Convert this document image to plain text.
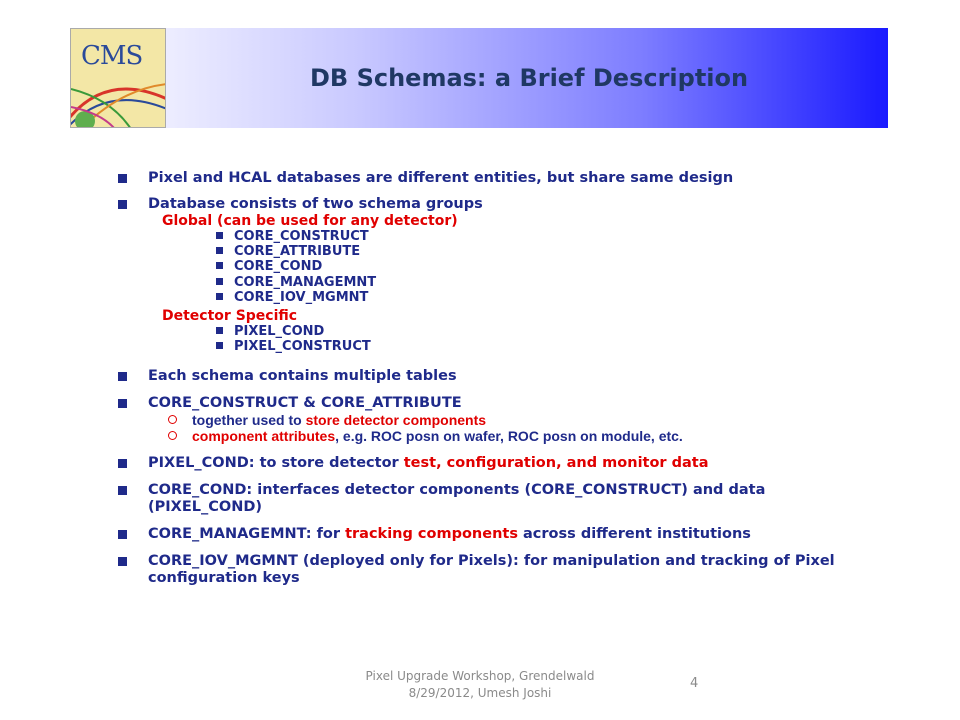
CMS
DB Schemas: a Brief Description
Pixel and HCAL databases are different entities, but share same design
Database consists of two schema groups
Global (can be used for any detector)
CORE_CONSTRUCT
CORE_ATTRIBUTE
CORE_COND
CORE_MANAGEMNT
CORE_IOV_MGMNT
Detector Specific
PIXEL_COND
PIXEL_CONSTRUCT
Each schema contains multiple tables
CORE_CONSTRUCT & CORE_ATTRIBUTE
together used to store detector components
component attributes, e.g. ROC posn on wafer, ROC posn on module, etc.
PIXEL_COND: to store detector test, configuration, and monitor data
CORE_COND: interfaces detector components (CORE_CONSTRUCT) and data (PIXEL_COND)
CORE_MANAGEMNT: for tracking components across different institutions
CORE_IOV_MGMNT (deployed only for Pixels): for manipulation and tracking of Pixel configuration keys
Pixel Upgrade Workshop, Grendelwald
8/29/2012, Umesh Joshi
4
